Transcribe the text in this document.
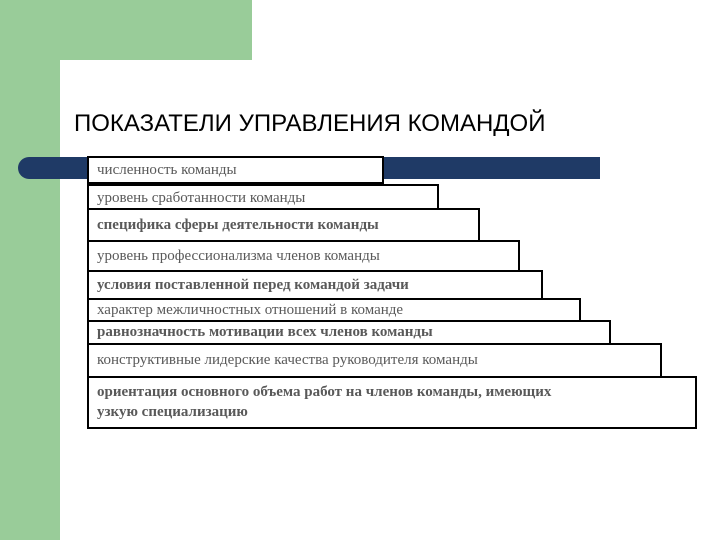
ПОКАЗАТЕЛИ УПРАВЛЕНИЯ КОМАНДОЙ
численность команды
уровень сработанности команды
специфика сферы деятельности команды
уровень профессионализма членов команды
условия поставленной перед командой задачи
характер межличностных отношений в команде
равнозначность мотивации всех членов команды
конструктивные лидерские качества руководителя команды
ориентация основного объема работ на членов команды, имеющих узкую специализацию
